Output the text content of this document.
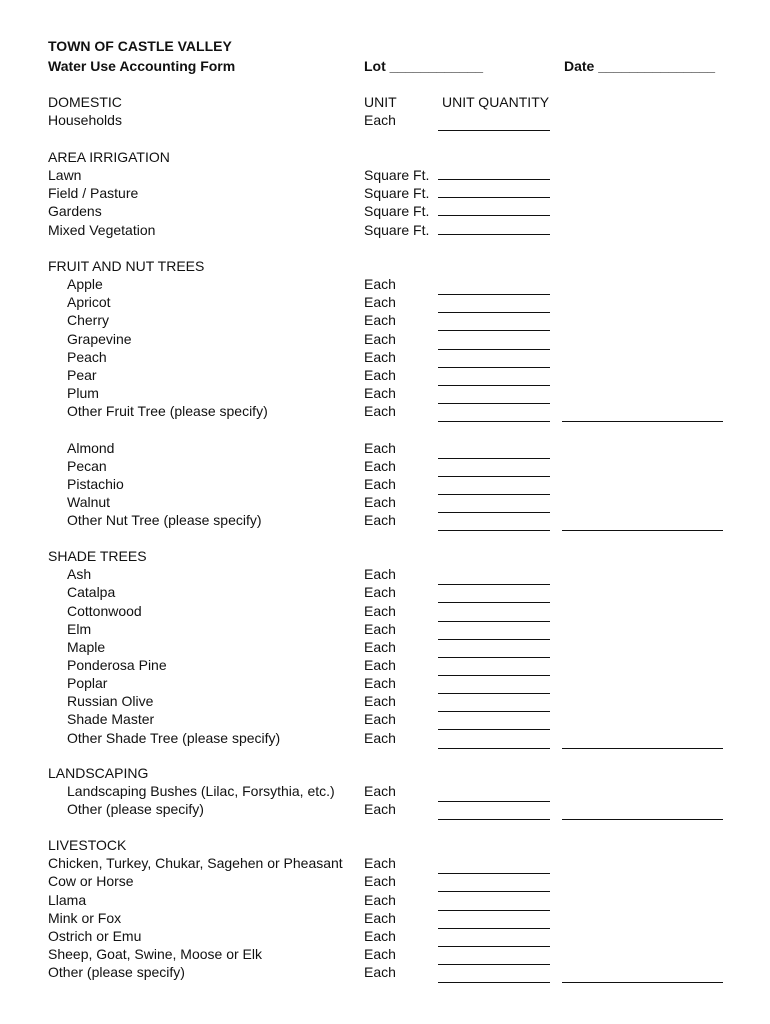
TOWN OF CASTLE VALLEY
Water Use Accounting Form	Lot ____________	Date _______________
UNIT	UNIT QUANTITY
DOMESTIC
Households	Each
AREA IRRIGATION
Lawn	Square Ft.
Field / Pasture	Square Ft.
Gardens	Square Ft.
Mixed Vegetation	Square Ft.
FRUIT AND NUT TREES
Apple	Each
Apricot	Each
Cherry	Each
Grapevine	Each
Peach	Each
Pear	Each
Plum	Each
Other Fruit Tree (please specify)	Each
Almond	Each
Pecan	Each
Pistachio	Each
Walnut	Each
Other Nut Tree (please specify)	Each
SHADE TREES
Ash	Each
Catalpa	Each
Cottonwood	Each
Elm	Each
Maple	Each
Ponderosa Pine	Each
Poplar	Each
Russian Olive	Each
Shade Master	Each
Other Shade Tree (please specify)	Each
LANDSCAPING
Landscaping Bushes (Lilac, Forsythia, etc.) Each
Other (please specify)	Each
LIVESTOCK
Chicken, Turkey, Chukar, Sagehen or Pheasant Each
Cow or Horse	Each
Llama	Each
Mink or Fox	Each
Ostrich or Emu	Each
Sheep, Goat, Swine, Moose or Elk	Each
Other (please specify)	Each
